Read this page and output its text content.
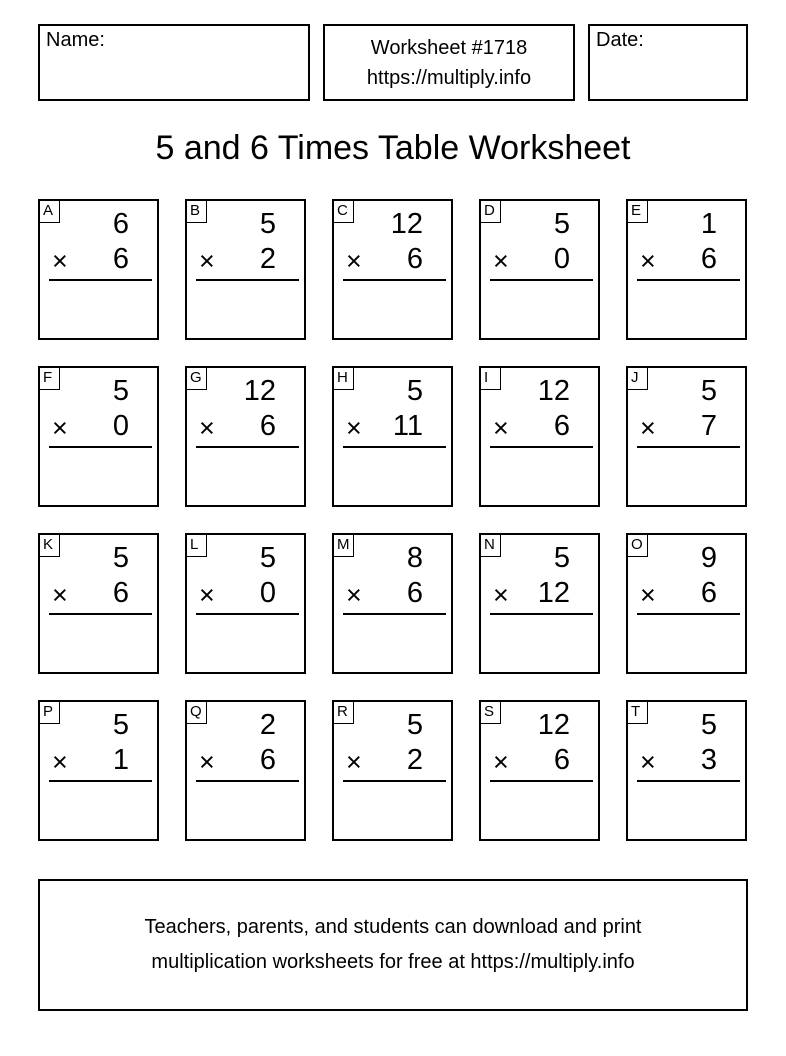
Name:	Worksheet #1718
https://multiply.info
Date:
5 and 6 Times Table Worksheet
A 6
× 6
B 5
× 2
C 12
× 6
D 5
× 0
E 1
× 6
F 5
× 0
G 12
× 6
H 5
× 11
I	12
× 6
J	5
× 7
K 5
× 6
L 5
× 0
M 8
× 6
N 5
× 12
O 9
× 6
P 5
× 1
Q 2
× 6
R 5
× 2
S 12
× 6
T 5
× 3
Teachers, parents, and students can download and print
multiplication worksheets for free at https://multiply.info
